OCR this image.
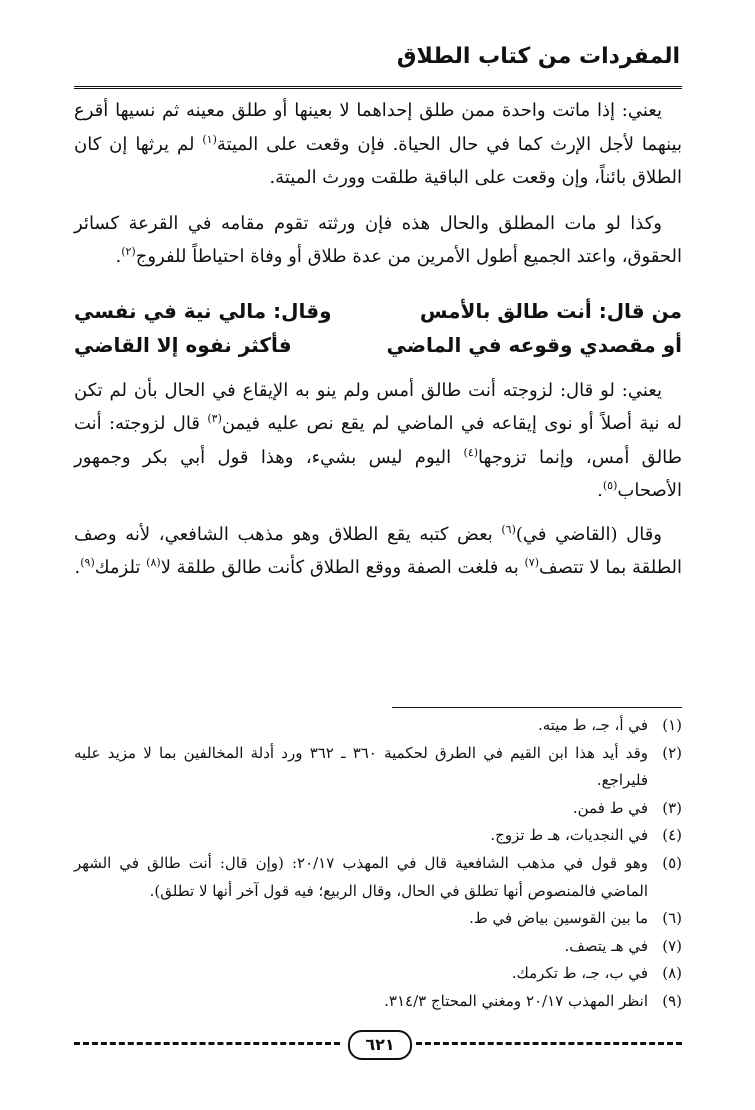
المفردات من كتاب الطلاق

يعني: إذا ماتت واحدة ممن طلق إحداهما لا بعينها أو طلق معينه ثم نسيها أقرع بينهما لأجل الإرث كما في حال الحياة. فإن وقعت على الميتة$^{(١)}$ لم يرثها إن كان الطلاق بائناً، وإن وقعت على الباقية طلقت وورث الميتة.

وكذا لو مات المطلق والحال هذه فإن ورثته تقوم مقامه في القرعة كسائر الحقوق، واعتد الجميع أطول الأمرين من عدة طلاق أو وفاة احتياطاً للفروج$^{(٢)}$.

من قال: أنت طالق بالأمس
وقال: مالي نية في نفسي
أو مقصدي وقوعه في الماضي
فأكثر نفوه إلا القاضي

يعني: لو قال: لزوجته أنت طالق أمس ولم ينو به الإيقاع في الحال بأن لم تكن له نية أصلاً أو نوى إيقاعه في الماضي لم يقع نص عليه فيمن$^{(٣)}$ قال لزوجته: أنت طالق أمس، وإنما تزوجها$^{(٤)}$ اليوم ليس بشيء، وهذا قول أبي بكر وجمهور الأصحاب$^{(٥)}$.

وقال (القاضي في)$^{(٦)}$ بعض كتبه يقع الطلاق وهو مذهب الشافعي، لأنه وصف الطلقة بما لا تتصف$^{(٧)}$ به فلغت الصفة ووقع الطلاق كأنت طالق طلقة لا$^{(٨)}$ تلزمك$^{(٩)}$.

(١)
في أ، جـ، ط ميته.
(٢)
وقد أيد هذا ابن القيم في الطرق لحكمية ٣٦٠ ـ ٣٦٢ ورد أدلة المخالفين بما لا مزيد عليه فليراجع.
(٣)
في ط فمن.
(٤)
في النجديات، هـ ط تزوج.
(٥)
وهو قول في مذهب الشافعية قال في المهذب ٢٠/١٧: (وإن قال: أنت طالق في الشهر الماضي فالمنصوص أنها تطلق في الحال، وقال الربيع؛ فيه قول آخر أنها لا تطلق).
(٦)
ما بين القوسين بياض في ط.
(٧)
في هـ يتصف.
(٨)
في ب، جـ، ط تكرمك.
(٩)
انظر المهذب ٢٠/١٧ ومغني المحتاج ٣١٤/٣.
٦٢١
